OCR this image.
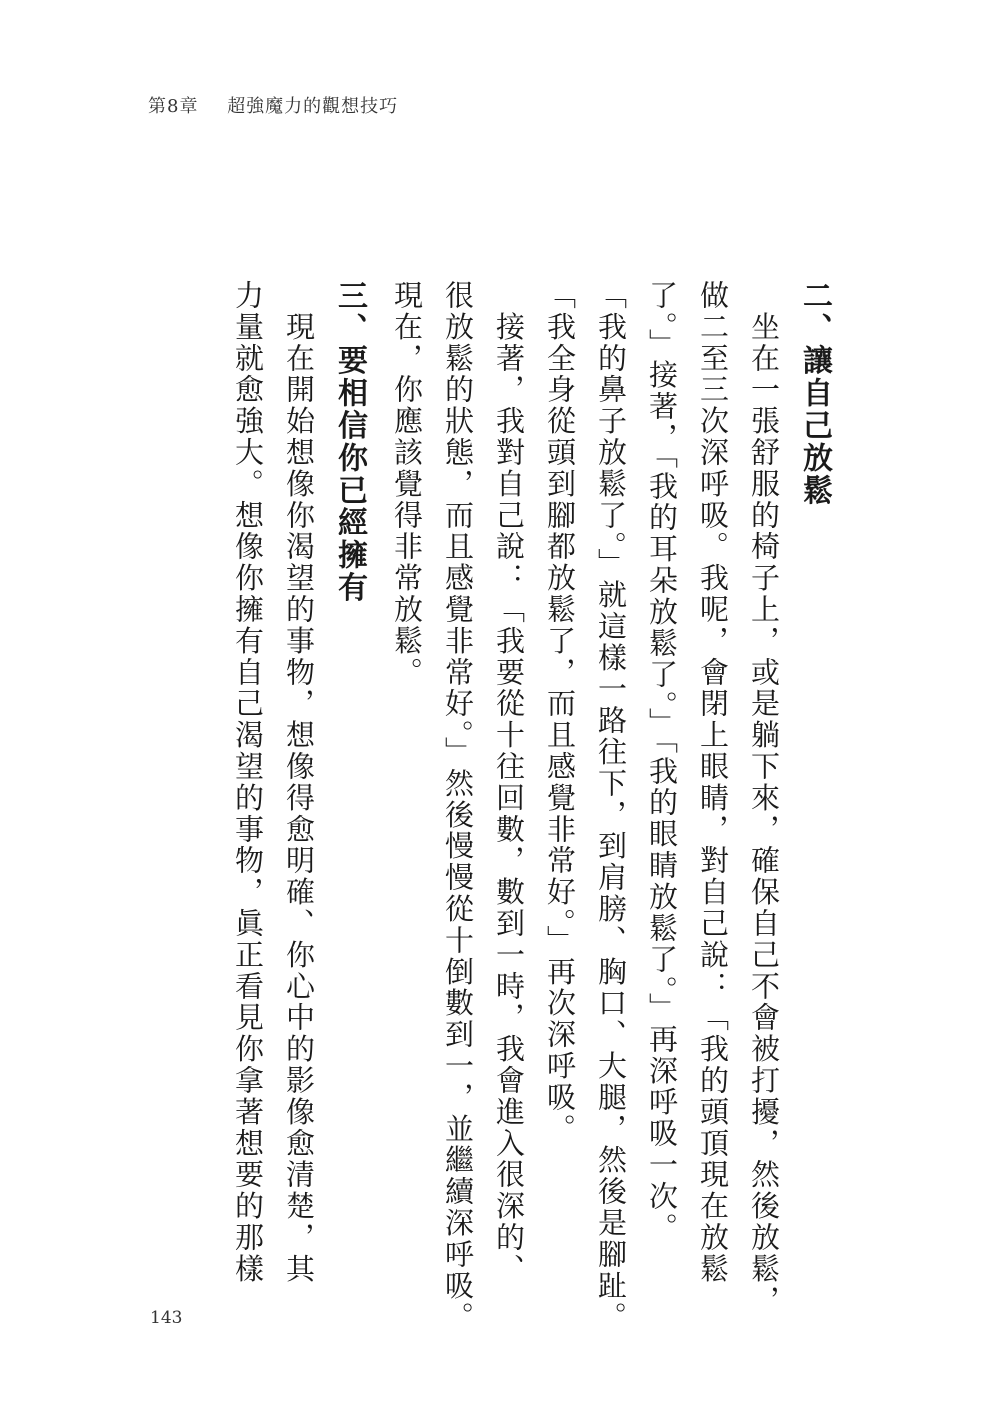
第8章 超強魔力的觀想技巧
二、讓自己放鬆
　坐在一張舒服的椅子上，或是躺下來，確保自己不會被打擾，然後放鬆，
做二至三次深呼吸。我呢，會閉上眼睛，對自己說：「我的頭頂現在放鬆
了。」接著，「我的耳朵放鬆了。」「我的眼睛放鬆了。」再深呼吸一次。
「我的鼻子放鬆了。」就這樣一路往下，到肩膀、胸口、大腿，然後是腳趾。
「我全身從頭到腳都放鬆了，而且感覺非常好。」再次深呼吸。
　接著，我對自己說：「我要從十往回數，數到一時，我會進入很深的、
很放鬆的狀態，而且感覺非常好。」然後慢慢從十倒數到一，並繼續深呼吸。
現在，你應該覺得非常放鬆。
三、要相信你已經擁有
　現在開始想像你渴望的事物，想像得愈明確、你心中的影像愈清楚，其
力量就愈強大。想像你擁有自己渴望的事物，眞正看見你拿著想要的那樣
143
